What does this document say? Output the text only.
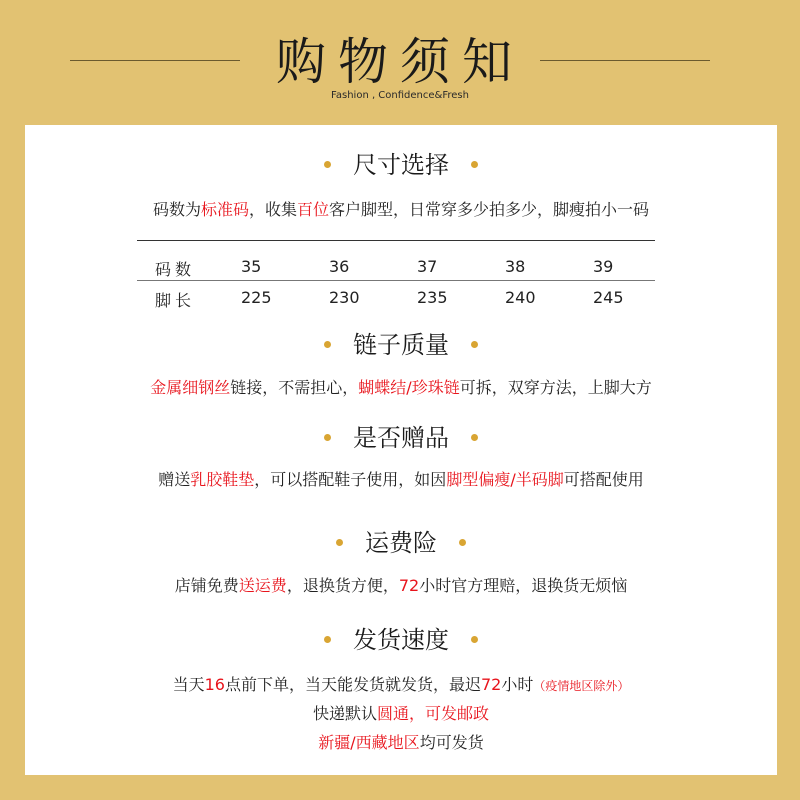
购物须知
Fashion , Confidence&Fresh
尺寸选择
码数为标准码，收集百位客户脚型，日常穿多少拍多少，脚瘦拍小一码
码数	35	36	37	38	39
脚长	225	230	235	240	245
链子质量
金属细钢丝链接，不需担心，蝴蝶结/珍珠链可拆，双穿方法，上脚大方
是否赠品
赠送乳胶鞋垫，可以搭配鞋子使用，如因脚型偏瘦/半码脚可搭配使用
运费险
店铺免费送运费，退换货方便，72小时官方理赔，退换货无烦恼
发货速度
当天16点前下单，当天能发货就发货，最迟72小时（疫情地区除外）
快递默认圆通，可发邮政
新疆/西藏地区均可发货
